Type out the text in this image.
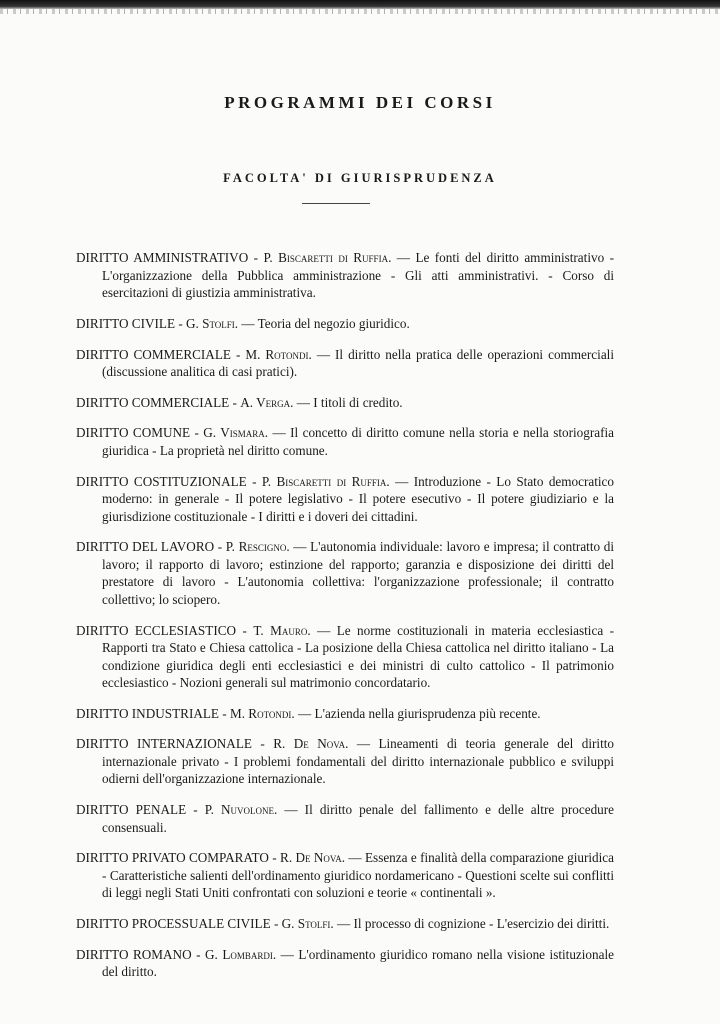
PROGRAMMI DEI CORSI
FACOLTA' DI GIURISPRUDENZA

DIRITTO AMMINISTRATIVO - P. Biscaretti di Ruffia. — Le fonti del diritto amministrativo - L'organizzazione della Pubblica amministrazione - Gli atti amministrativi. - Corso di esercitazioni di giustizia amministrativa.

DIRITTO CIVILE - G. Stolfi. — Teoria del negozio giuridico.

DIRITTO COMMERCIALE - M. Rotondi. — Il diritto nella pratica delle operazioni commerciali (discussione analitica di casi pratici).

DIRITTO COMMERCIALE - A. Verga. — I titoli di credito.

DIRITTO COMUNE - G. Vismara. — Il concetto di diritto comune nella storia e nella storiografia giuridica - La proprietà nel diritto comune.

DIRITTO COSTITUZIONALE - P. Biscaretti di Ruffia. — Introduzione - Lo Stato democratico moderno: in generale - Il potere legislativo - Il potere esecutivo - Il potere giudiziario e la giurisdizione costituzionale - I diritti e i doveri dei cittadini.

DIRITTO DEL LAVORO - P. Rescigno. — L'autonomia individuale: lavoro e impresa; il contratto di lavoro; il rapporto di lavoro; estinzione del rapporto; garanzia e disposizione dei diritti del prestatore di lavoro - L'autonomia collettiva: l'organizzazione professionale; il contratto collettivo; lo sciopero.

DIRITTO ECCLESIASTICO - T. Mauro. — Le norme costituzionali in materia ecclesiastica - Rapporti tra Stato e Chiesa cattolica - La posizione della Chiesa cattolica nel diritto italiano - La condizione giuridica degli enti ecclesiastici e dei ministri di culto cattolico - Il patrimonio ecclesiastico - Nozioni generali sul matrimonio concordatario.

DIRITTO INDUSTRIALE - M. Rotondi. — L'azienda nella giurisprudenza più recente.

DIRITTO INTERNAZIONALE - R. De Nova. — Lineamenti di teoria generale del diritto internazionale privato - I problemi fondamentali del diritto internazionale pubblico e sviluppi odierni dell'organizzazione internazionale.

DIRITTO PENALE - P. Nuvolone. — Il diritto penale del fallimento e delle altre procedure consensuali.

DIRITTO PRIVATO COMPARATO - R. De Nova. — Essenza e finalità della comparazione giuridica - Caratteristiche salienti dell'ordinamento giuridico nordamericano - Questioni scelte sui conflitti di leggi negli Stati Uniti confrontati con soluzioni e teorie « continentali ».

DIRITTO PROCESSUALE CIVILE - G. Stolfi. — Il processo di cognizione - L'esercizio dei diritti.

DIRITTO ROMANO - G. Lombardi. — L'ordinamento giuridico romano nella visione istituzionale del diritto.
